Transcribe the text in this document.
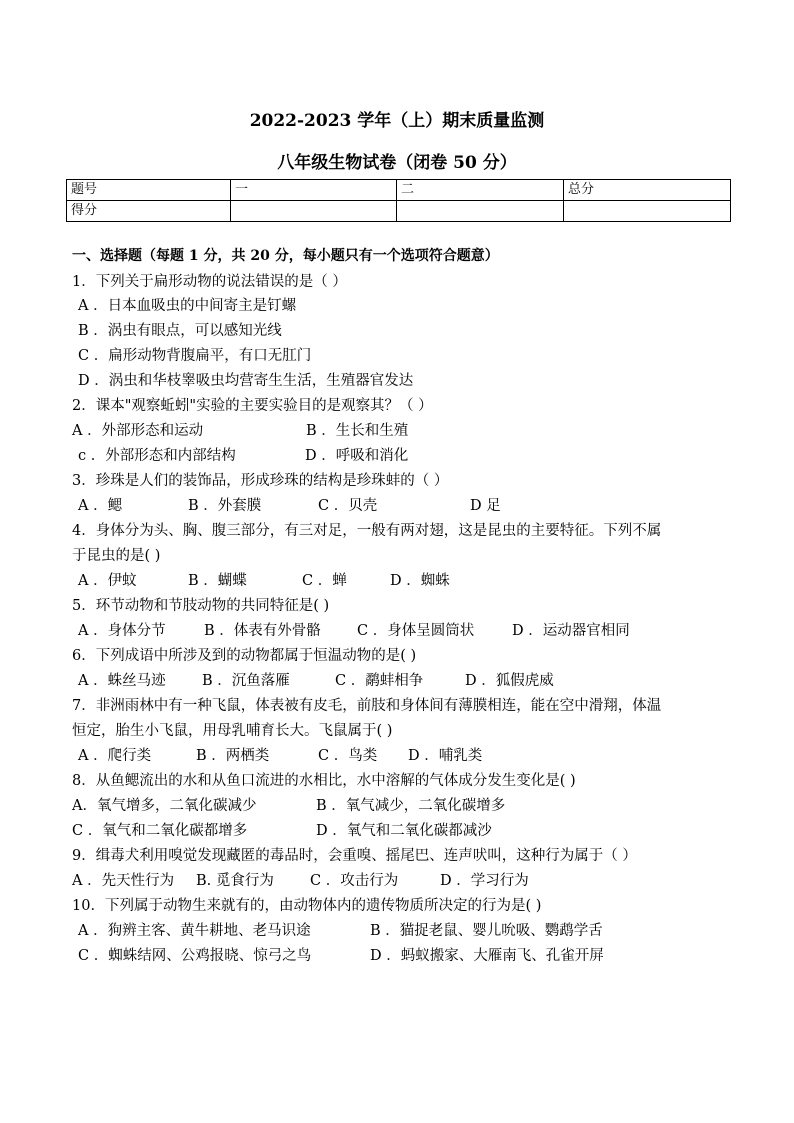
2022-2023 学年（上）期末质量监测
八年级生物试卷（闭卷 50 分）
题号	一	二	总分
得分			
一、选择题（每题 1 分，共 20 分，每小题只有一个选项符合题意）
1．下列关于扁形动物的说法错误的是（ ）
A ．日本血吸虫的中间寄主是钉螺
B ．涡虫有眼点，可以感知光线
C ．扁形动物背腹扁平，有口无肛门
D ．涡虫和华枝睾吸虫均营寄生生活，生殖器官发达
2．课本"观察蚯蚓"实验的主要实验目的是观察其？（ ）
A ．外部形态和运动	B ．生长和生殖
c ．外部形态和内部结构	D ．呼吸和消化
3．珍珠是人们的装饰品，形成珍珠的结构是珍珠蚌的（ ）
A ．鳃	B ．外套膜	C ．贝壳	D 足
4．身体分为头、胸、腹三部分，有三对足，一般有两对翅，这是昆虫的主要特征。下列不属
于昆虫的是( )
A ．伊蚊	B ．蝴蝶	C ．蝉	D ．蜘蛛
5．环节动物和节肢动物的共同特征是( )
A ．身体分节	B ．体表有外骨骼 C ．身体呈圆筒状	D ．运动器官相同
6．下列成语中所涉及到的动物都属于恒温动物的是( )
A ．蛛丝马迹	B ．沉鱼落雁	C ．鹬蚌相争	D ．狐假虎威
7．非洲雨林中有一种飞鼠，体表被有皮毛，前肢和身体间有薄膜相连，能在空中滑翔，体温
恒定，胎生小飞鼠，用母乳哺育长大。飞鼠属于( )
A ．爬行类	B ．两栖类	C ．鸟类 D ．哺乳类
8．从鱼鳃流出的水和从鱼口流进的水相比，水中溶解的气体成分发生变化是( )
A．氧气增多，二氧化碳减少	B ．氧气减少，二氧化碳增多
C ．氧气和二氧化碳都增多	D ．氧气和二氧化碳都减沙
9．缉毒犬利用嗅觉发现藏匿的毒品时，会重嗅、摇尾巴、连声吠叫，这种行为属于（ ）
A ．先天性行为 B. 觅食行为 C ．攻击行为	D ．学习行为
10．下列属于动物生来就有的，由动物体内的遗传物质所决定的行为是( )
A ．狗辨主客、黄牛耕地、老马识途	B ．猫捉老鼠、婴儿吮吸、鹦鹉学舌
C ．蜘蛛结网、公鸡报晓、惊弓之鸟	D ．蚂蚁搬家、大雁南飞、孔雀开屏
